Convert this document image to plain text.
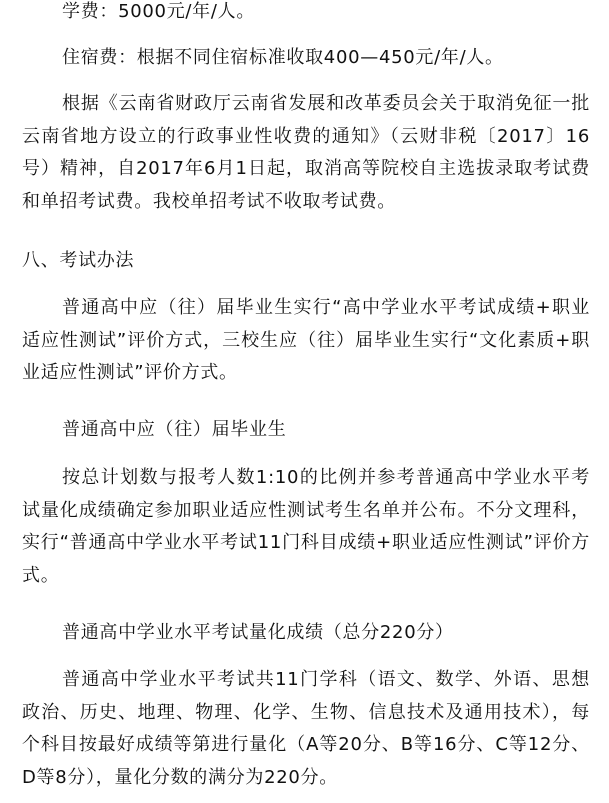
学费：5000元/年/人。

住宿费：根据不同住宿标准收取400—450元/年/人。

根据《云南省财政厅云南省发展和改革委员会关于取消免征一批云南省地方设立的行政事业性收费的通知》（云财非税〔2017〕16号）精神，自2017年6月1日起，取消高等院校自主选拔录取考试费和单招考试费。我校单招考试不收取考试费。

八、考试办法

普通高中应（往）届毕业生实行“高中学业水平考试成绩+职业适应性测试”评价方式，三校生应（往）届毕业生实行“文化素质+职业适应性测试”评价方式。

普通高中应（往）届毕业生

按总计划数与报考人数1:10的比例并参考普通高中学业水平考试量化成绩确定参加职业适应性测试考生名单并公布。不分文理科，实行“普通高中学业水平考试11门科目成绩+职业适应性测试”评价方式。

普通高中学业水平考试量化成绩（总分220分）

普通高中学业水平考试共11门学科（语文、数学、外语、思想政治、历史、地理、物理、化学、生物、信息技术及通用技术），每个科目按最好成绩等第进行量化（A等20分、B等16分、C等12分、D等8分），量化分数的满分为220分。
